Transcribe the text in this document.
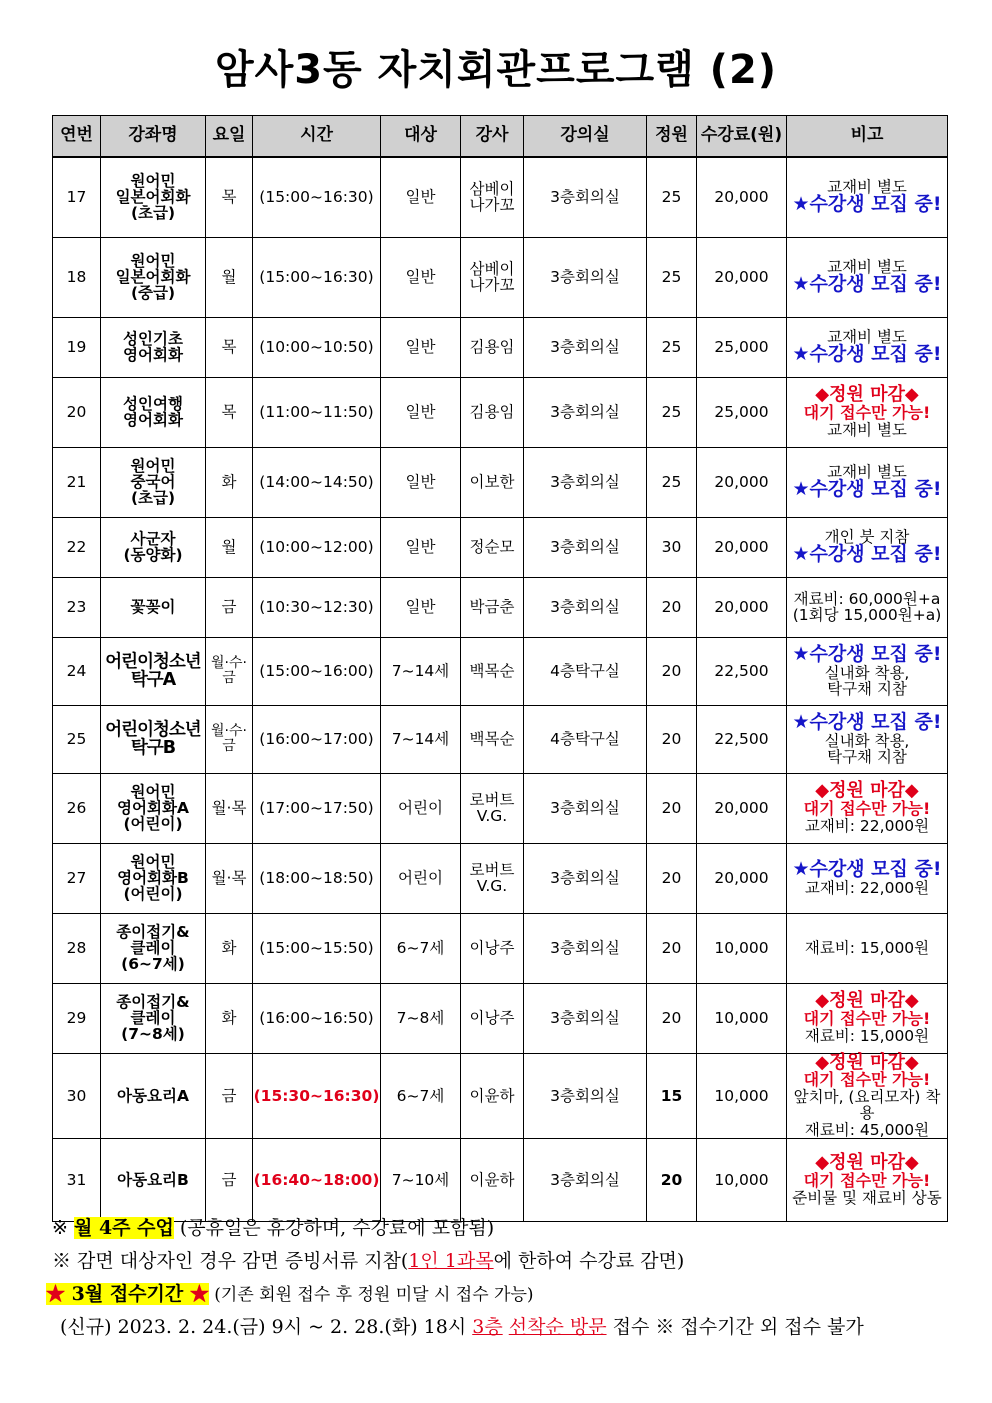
암사3동 자치회관프로그램 (2)
연번	강좌명	요일	시간	대상	강사	강의실	정원	수강료(원)	비고
17	원어민
일본어회화
(초급)	목	(15:00~16:30)	일반	삼베이
나가꼬	3층회의실	25	20,000	교재비 별도
★수강생 모집 중!

18	원어민
일본어회화
(중급)	월	(15:00~16:30)	일반	삼베이
나가꼬	3층회의실	25	20,000	교재비 별도
★수강생 모집 중!

19	성인기초
영어회화	목	(10:00~10:50)	일반	김용임	3층회의실	25	25,000	교재비 별도
★수강생 모집 중!

20	성인여행
영어회화	목	(11:00~11:50)	일반	김용임	3층회의실	25	25,000	◆정원 마감◆
대기 접수만 가능!
교재비 별도

21	원어민
중국어
(초급)	화	(14:00~14:50)	일반	이보한	3층회의실	25	20,000	교재비 별도
★수강생 모집 중!

22	사군자
(동양화)	월	(10:00~12:00)	일반	정순모	3층회의실	30	20,000	개인 붓 지참
★수강생 모집 중!

23	꽃꽂이	금	(10:30~12:30)	일반	박금춘	3층회의실	20	20,000	재료비: 60,000원+a
(1회당 15,000원+a)

24	어린이청소년
탁구A	월·수·금	(15:00~16:00)	7~14세	백목순	4층탁구실	20	22,500	★수강생 모집 중!
실내화 착용,
탁구채 지참

25	어린이청소년
탁구B	월·수·금	(16:00~17:00)	7~14세	백목순	4층탁구실	20	22,500	★수강생 모집 중!
실내화 착용,
탁구채 지참

26	원어민
영어회화A
(어린이)	월·목	(17:00~17:50)	어린이	로버트
V.G.	3층회의실	20	20,000	◆정원 마감◆
대기 접수만 가능!
교재비: 22,000원

27	원어민
영어회화B
(어린이)	월·목	(18:00~18:50)	어린이	로버트
V.G.	3층회의실	20	20,000	★수강생 모집 중!
교재비: 22,000원

28	종이접기&
클레이
(6~7세)	화	(15:00~15:50)	6~7세	이낭주	3층회의실	20	10,000	재료비: 15,000원

29	종이접기&
클레이
(7~8세)	화	(16:00~16:50)	7~8세	이낭주	3층회의실	20	10,000	◆정원 마감◆
대기 접수만 가능!
재료비: 15,000원

30	아동요리A	금	(15:30~16:30)	6~7세	이윤하	3층회의실	15	10,000	◆정원 마감◆
대기 접수만 가능!
앞치마, (요리모자) 착용
재료비: 45,000원

31	아동요리B	금	(16:40~18:00)	7~10세	이윤하	3층회의실	20	10,000	◆정원 마감◆
대기 접수만 가능!
준비물 및 재료비 상동
※ 월 4주 수업 (공휴일은 휴강하며, 수강료에 포함됨)
※ 감면 대상자인 경우 감면 증빙서류 지참(1인 1과목에 한하여 수강료 감면)
★ 3월 접수기간 ★ (기존 회원 접수 후 정원 미달 시 접수 가능)
(신규) 2023. 2. 24.(금) 9시 ~ 2. 28.(화) 18시 3층 선착순 방문 접수 ※ 접수기간 외 접수 불가
